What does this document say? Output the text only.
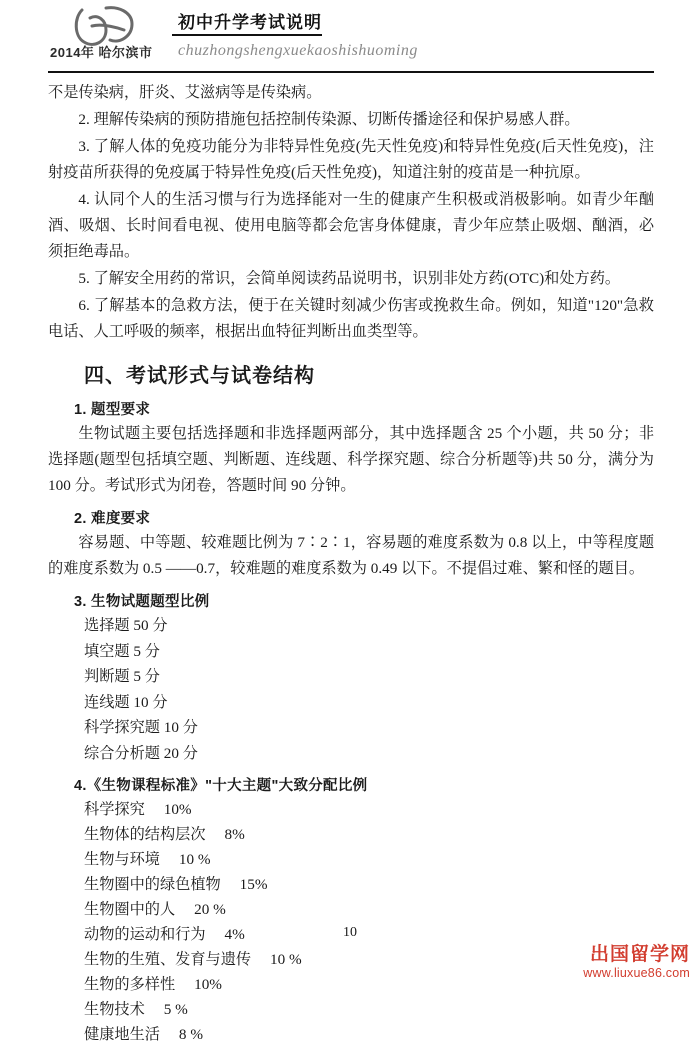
初中升学考试说明
2014年 哈尔滨市 chuzhongshengxuekaoshishuoming

不是传染病，肝炎、艾滋病等是传染病。

2. 理解传染病的预防措施包括控制传染源、切断传播途径和保护易感人群。

3. 了解人体的免疫功能分为非特异性免疫(先天性免疫)和特异性免疫(后天性免疫)，注射疫苗所获得的免疫属于特异性免疫(后天性免疫)，知道注射的疫苗是一种抗原。

4. 认同个人的生活习惯与行为选择能对一生的健康产生积极或消极影响。如青少年酗酒、吸烟、长时间看电视、使用电脑等都会危害身体健康，青少年应禁止吸烟、酗酒，必须拒绝毒品。

5. 了解安全用药的常识，会简单阅读药品说明书，识别非处方药(OTC)和处方药。

6. 了解基本的急救方法，便于在关键时刻减少伤害或挽救生命。例如，知道"120"急救电话、人工呼吸的频率，根据出血特征判断出血类型等。

四、考试形式与试卷结构
1. 题型要求

生物试题主要包括选择题和非选择题两部分，其中选择题含 25 个小题，共 50 分；非选择题(题型包括填空题、判断题、连线题、科学探究题、综合分析题等)共 50 分，满分为 100 分。考试形式为闭卷，答题时间 90 分钟。

2. 难度要求

容易题、中等题、较难题比例为 7∶2∶1，容易题的难度系数为 0.8 以上，中等程度题的难度系数为 0.5 ——0.7，较难题的难度系数为 0.49 以下。不提倡过难、繁和怪的题目。

3. 生物试题题型比例
选择题 50 分
填空题 5 分
判断题 5 分
连线题 10 分
科学探究题 10 分
综合分析题 20 分
4.《生物课程标准》"十大主题"大致分配比例
科学探究　 10%
生物体的结构层次　 8%
生物与环境　 10 %
生物圈中的绿色植物　 15%
生物圈中的人　 20 %
动物的运动和行为　 4%
生物的生殖、发育与遗传　 10 %
生物的多样性　 10%
生物技术　 5 %
健康地生活　 8 %
10
出国留学网
www.liuxue86.com
